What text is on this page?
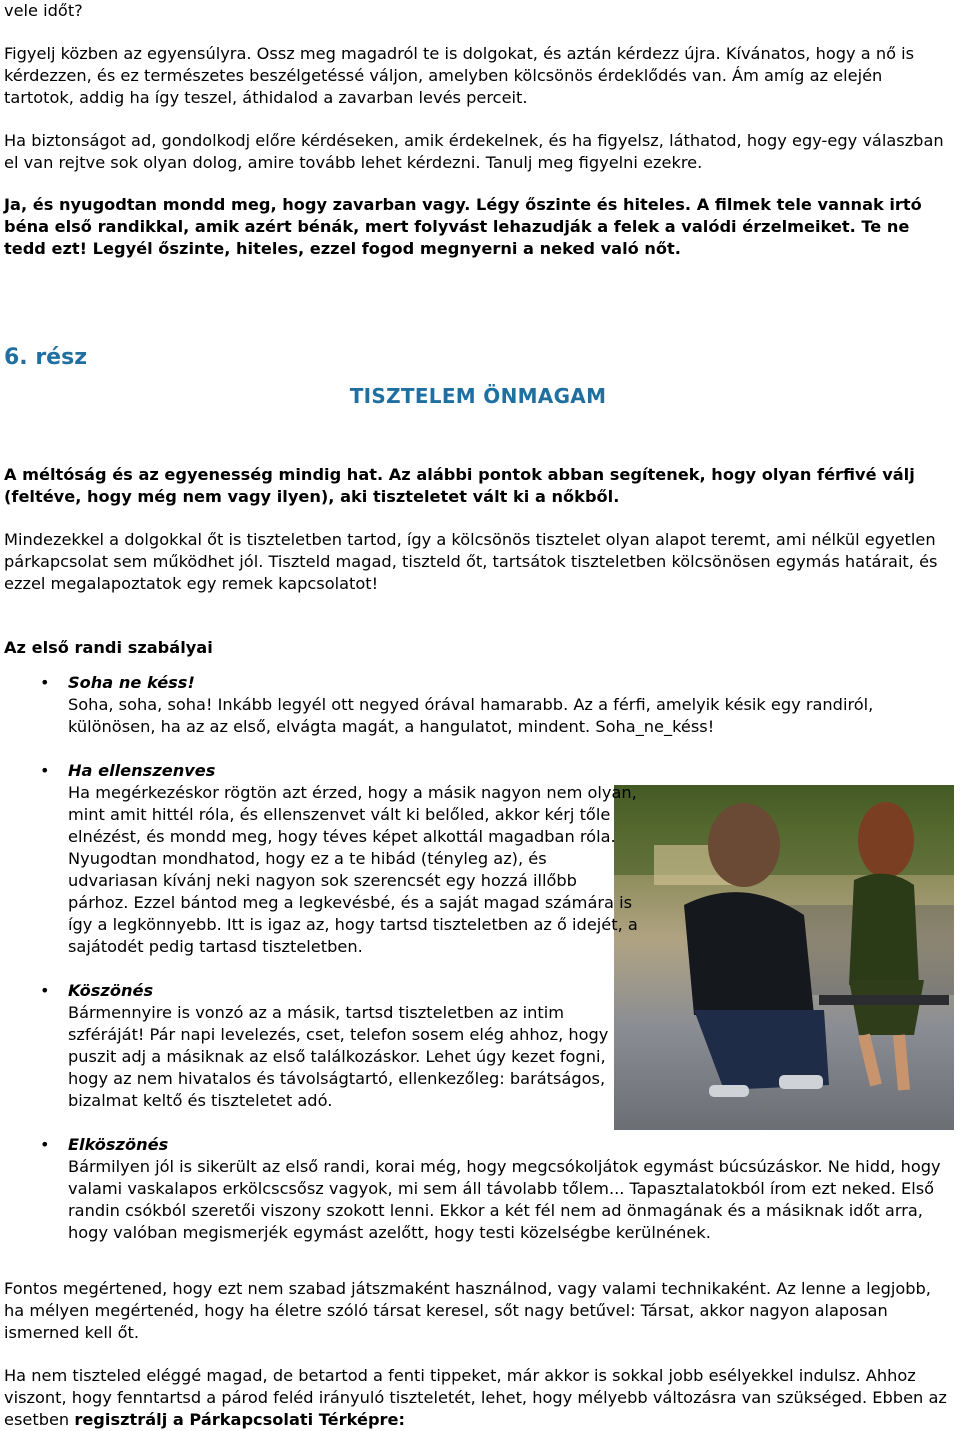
vele időt?

Figyelj közben az egyensúlyra. Ossz meg magadról te is dolgokat, és aztán kérdezz újra. Kívánatos, hogy a nő is kérdezzen, és ez természetes beszélgetéssé váljon, amelyben kölcsönös érdeklődés van. Ám amíg az elején tartotok, addig ha így teszel, áthidalod a zavarban levés perceit.

Ha biztonságot ad, gondolkodj előre kérdéseken, amik érdekelnek, és ha figyelsz, láthatod, hogy egy-egy válaszban el van rejtve sok olyan dolog, amire tovább lehet kérdezni. Tanulj meg figyelni ezekre.

Ja, és nyugodtan mondd meg, hogy zavarban vagy. Légy őszinte és hiteles. A filmek tele vannak irtó béna első randikkal, amik azért bénák, mert folyvást lehazudják a felek a valódi érzelmeiket. Te ne tedd ezt! Legyél őszinte, hiteles, ezzel fogod megnyerni a neked való nőt.

6. rész
TISZTELEM ÖNMAGAM

A méltóság és az egyenesség mindig hat. Az alábbi pontok abban segítenek, hogy olyan férfivé válj (feltéve, hogy még nem vagy ilyen), aki tiszteletet vált ki a nőkből.

Mindezekkel a dolgokkal őt is tiszteletben tartod, így a kölcsönös tisztelet olyan alapot teremt, ami nélkül egyetlen párkapcsolat sem működhet jól. Tiszteld magad, tiszteld őt, tartsátok tiszteletben kölcsönösen egymás határait, és ezzel megalapoztatok egy remek kapcsolatot!

Az első randi szabályai

• Soha ne késs!
Soha, soha, soha! Inkább legyél ott negyed órával hamarabb. Az a férfi, amelyik késik egy randiról, különösen, ha az az első, elvágta magát, a hangulatot, mindent. Soha_ne_késs!
• Ha ellenszenves
Ha megérkezéskor rögtön azt érzed, hogy a másik nagyon nem olyan, mint amit hittél róla, és ellenszenvet vált ki belőled, akkor kérj tőle elnézést, és mondd meg, hogy téves képet alkottál magadban róla. Nyugodtan mondhatod, hogy ez a te hibád (tényleg az), és udvariasan kívánj neki nagyon sok szerencsét egy hozzá illőbb párhoz. Ezzel bántod meg a legkevésbé, és a saját magad számára is így a legkönnyebb. Itt is igaz az, hogy tartsd tiszteletben az ő idejét, a sajátodét pedig tartasd tiszteletben.
• Köszönés
Bármennyire is vonzó az a másik, tartsd tiszteletben az intim szféráját! Pár napi levelezés, cset, telefon sosem elég ahhoz, hogy puszit adj a másiknak az első találkozáskor. Lehet úgy kezet fogni, hogy az nem hivatalos és távolságtartó, ellenkezőleg: barátságos, bizalmat keltő és tiszteletet adó.
• Elköszönés
Bármilyen jól is sikerült az első randi, korai még, hogy megcsókoljátok egymást búcsúzáskor. Ne hidd, hogy valami vaskalapos erkölcscsősz vagyok, mi sem áll távolabb tőlem... Tapasztalatokból írom ezt neked. Első randin csókból szeretői viszony szokott lenni. Ekkor a két fél nem ad önmagának és a másiknak időt arra, hogy valóban megismerjék egymást azelőtt, hogy testi közelségbe kerülnének.

Fontos megértened, hogy ezt nem szabad játszmaként használnod, vagy valami technikaként. Az lenne a legjobb, ha mélyen megértenéd, hogy ha életre szóló társat keresel, sőt nagy betűvel: Társat, akkor nagyon alaposan ismerned kell őt.

Ha nem tiszteled eléggé magad, de betartod a fenti tippeket, már akkor is sokkal jobb esélyekkel indulsz. Ahhoz viszont, hogy fenntartsd a párod feléd irányuló tiszteletét, lehet, hogy mélyebb változásra van szükséged. Ebben az esetben regisztrálj a Párkapcsolati Térképre:
